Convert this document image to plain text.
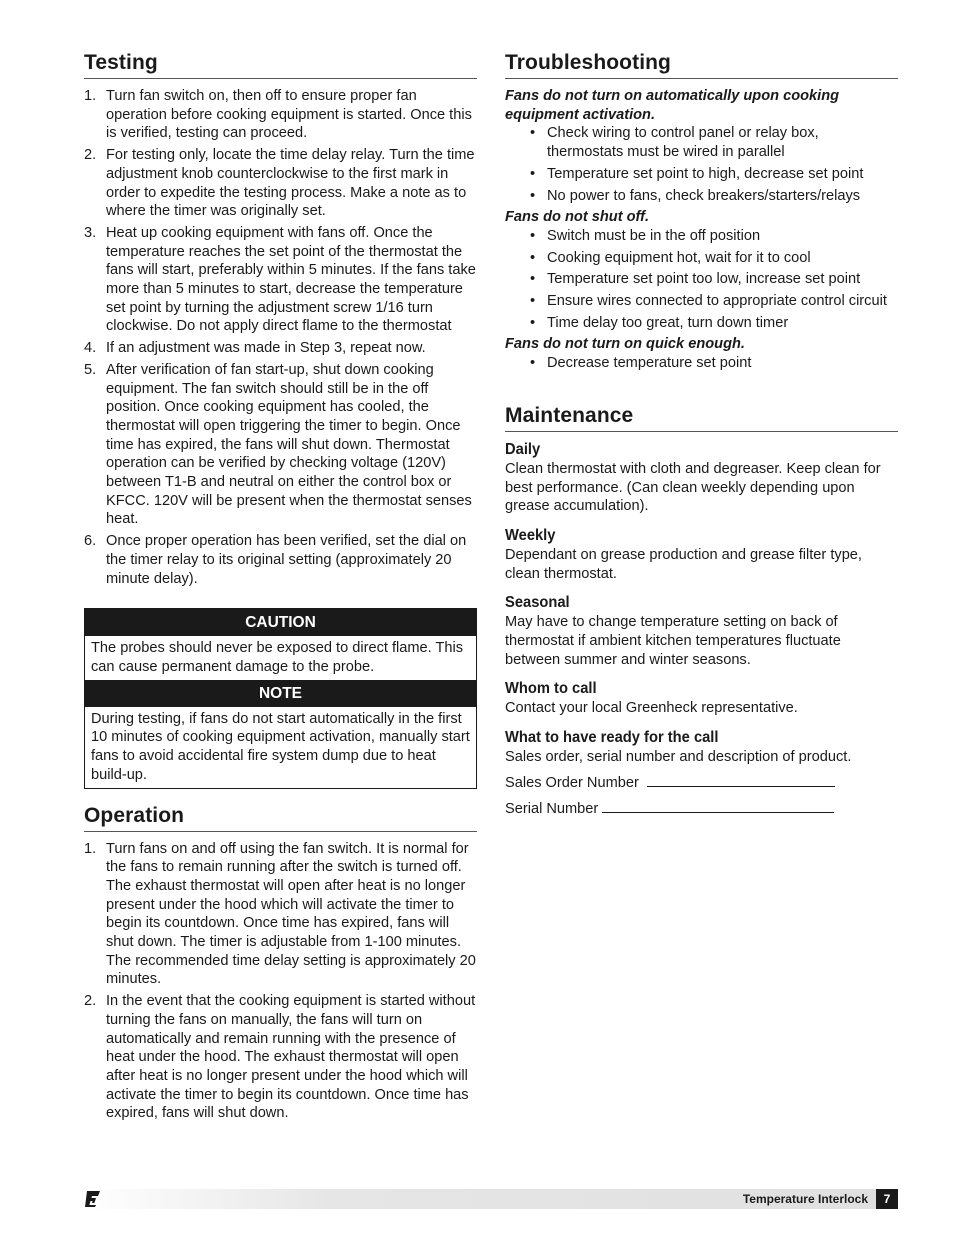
Testing
1. Turn fan switch on, then off to ensure proper fan operation before cooking equipment is started. Once this is verified, testing can proceed.
2. For testing only, locate the time delay relay. Turn the time adjustment knob counterclockwise to the first mark in order to expedite the testing process. Make a note as to where the timer was originally set.
3. Heat up cooking equipment with fans off. Once the temperature reaches the set point of the thermostat the fans will start, preferably within 5 minutes. If the fans take more than 5 minutes to start, decrease the temperature set point by turning the adjustment screw 1/16 turn clockwise. Do not apply direct flame to the thermostat
4. If an adjustment was made in Step 3, repeat now.
5. After verification of fan start-up, shut down cooking equipment. The fan switch should still be in the off position. Once cooking equipment has cooled, the thermostat will open triggering the timer to begin. Once time has expired, the fans will shut down. Thermostat operation can be verified by checking voltage (120V) between T1-B and neutral on either the control box or KFCC. 120V will be present when the thermostat senses heat.
6. Once proper operation has been verified, set the dial on the timer relay to its original setting (approximately 20 minute delay).
CAUTION
The probes should never be exposed to direct flame. This can cause permanent damage to the probe.
NOTE
During testing, if fans do not start automatically in the first 10 minutes of cooking equipment activation, manually start fans to avoid accidental fire system dump due to heat build-up.
Operation
1. Turn fans on and off using the fan switch. It is normal for the fans to remain running after the switch is turned off. The exhaust thermostat will open after heat is no longer present under the hood which will activate the timer to begin its countdown. Once time has expired, fans will shut down. The timer is adjustable from 1-100 minutes. The recommended time delay setting is approximately 20 minutes.
2. In the event that the cooking equipment is started without turning the fans on manually, the fans will turn on automatically and remain running with the presence of heat under the hood. The exhaust thermostat will open after heat is no longer present under the hood which will activate the timer to begin its countdown. Once time has expired, fans will shut down.
Troubleshooting
Fans do not turn on automatically upon cooking equipment activation.
• Check wiring to control panel or relay box, thermostats must be wired in parallel
• Temperature set point to high, decrease set point
• No power to fans, check breakers/starters/relays
Fans do not shut off.
• Switch must be in the off position
• Cooking equipment hot, wait for it to cool
• Temperature set point too low, increase set point
• Ensure wires connected to appropriate control circuit
• Time delay too great, turn down timer
Fans do not turn on quick enough.
• Decrease temperature set point
Maintenance
Daily

Clean thermostat with cloth and degreaser. Keep clean for best performance. (Can clean weekly depending upon grease accumulation).

Weekly

Dependant on grease production and grease filter type, clean thermostat.

Seasonal

May have to change temperature setting on back of thermostat if ambient kitchen temperatures fluctuate between summer and winter seasons.

Whom to call

Contact your local Greenheck representative.

What to have ready for the call

Sales order, serial number and description of product.

Sales Order Number

Serial Number

Temperature Interlock	7
